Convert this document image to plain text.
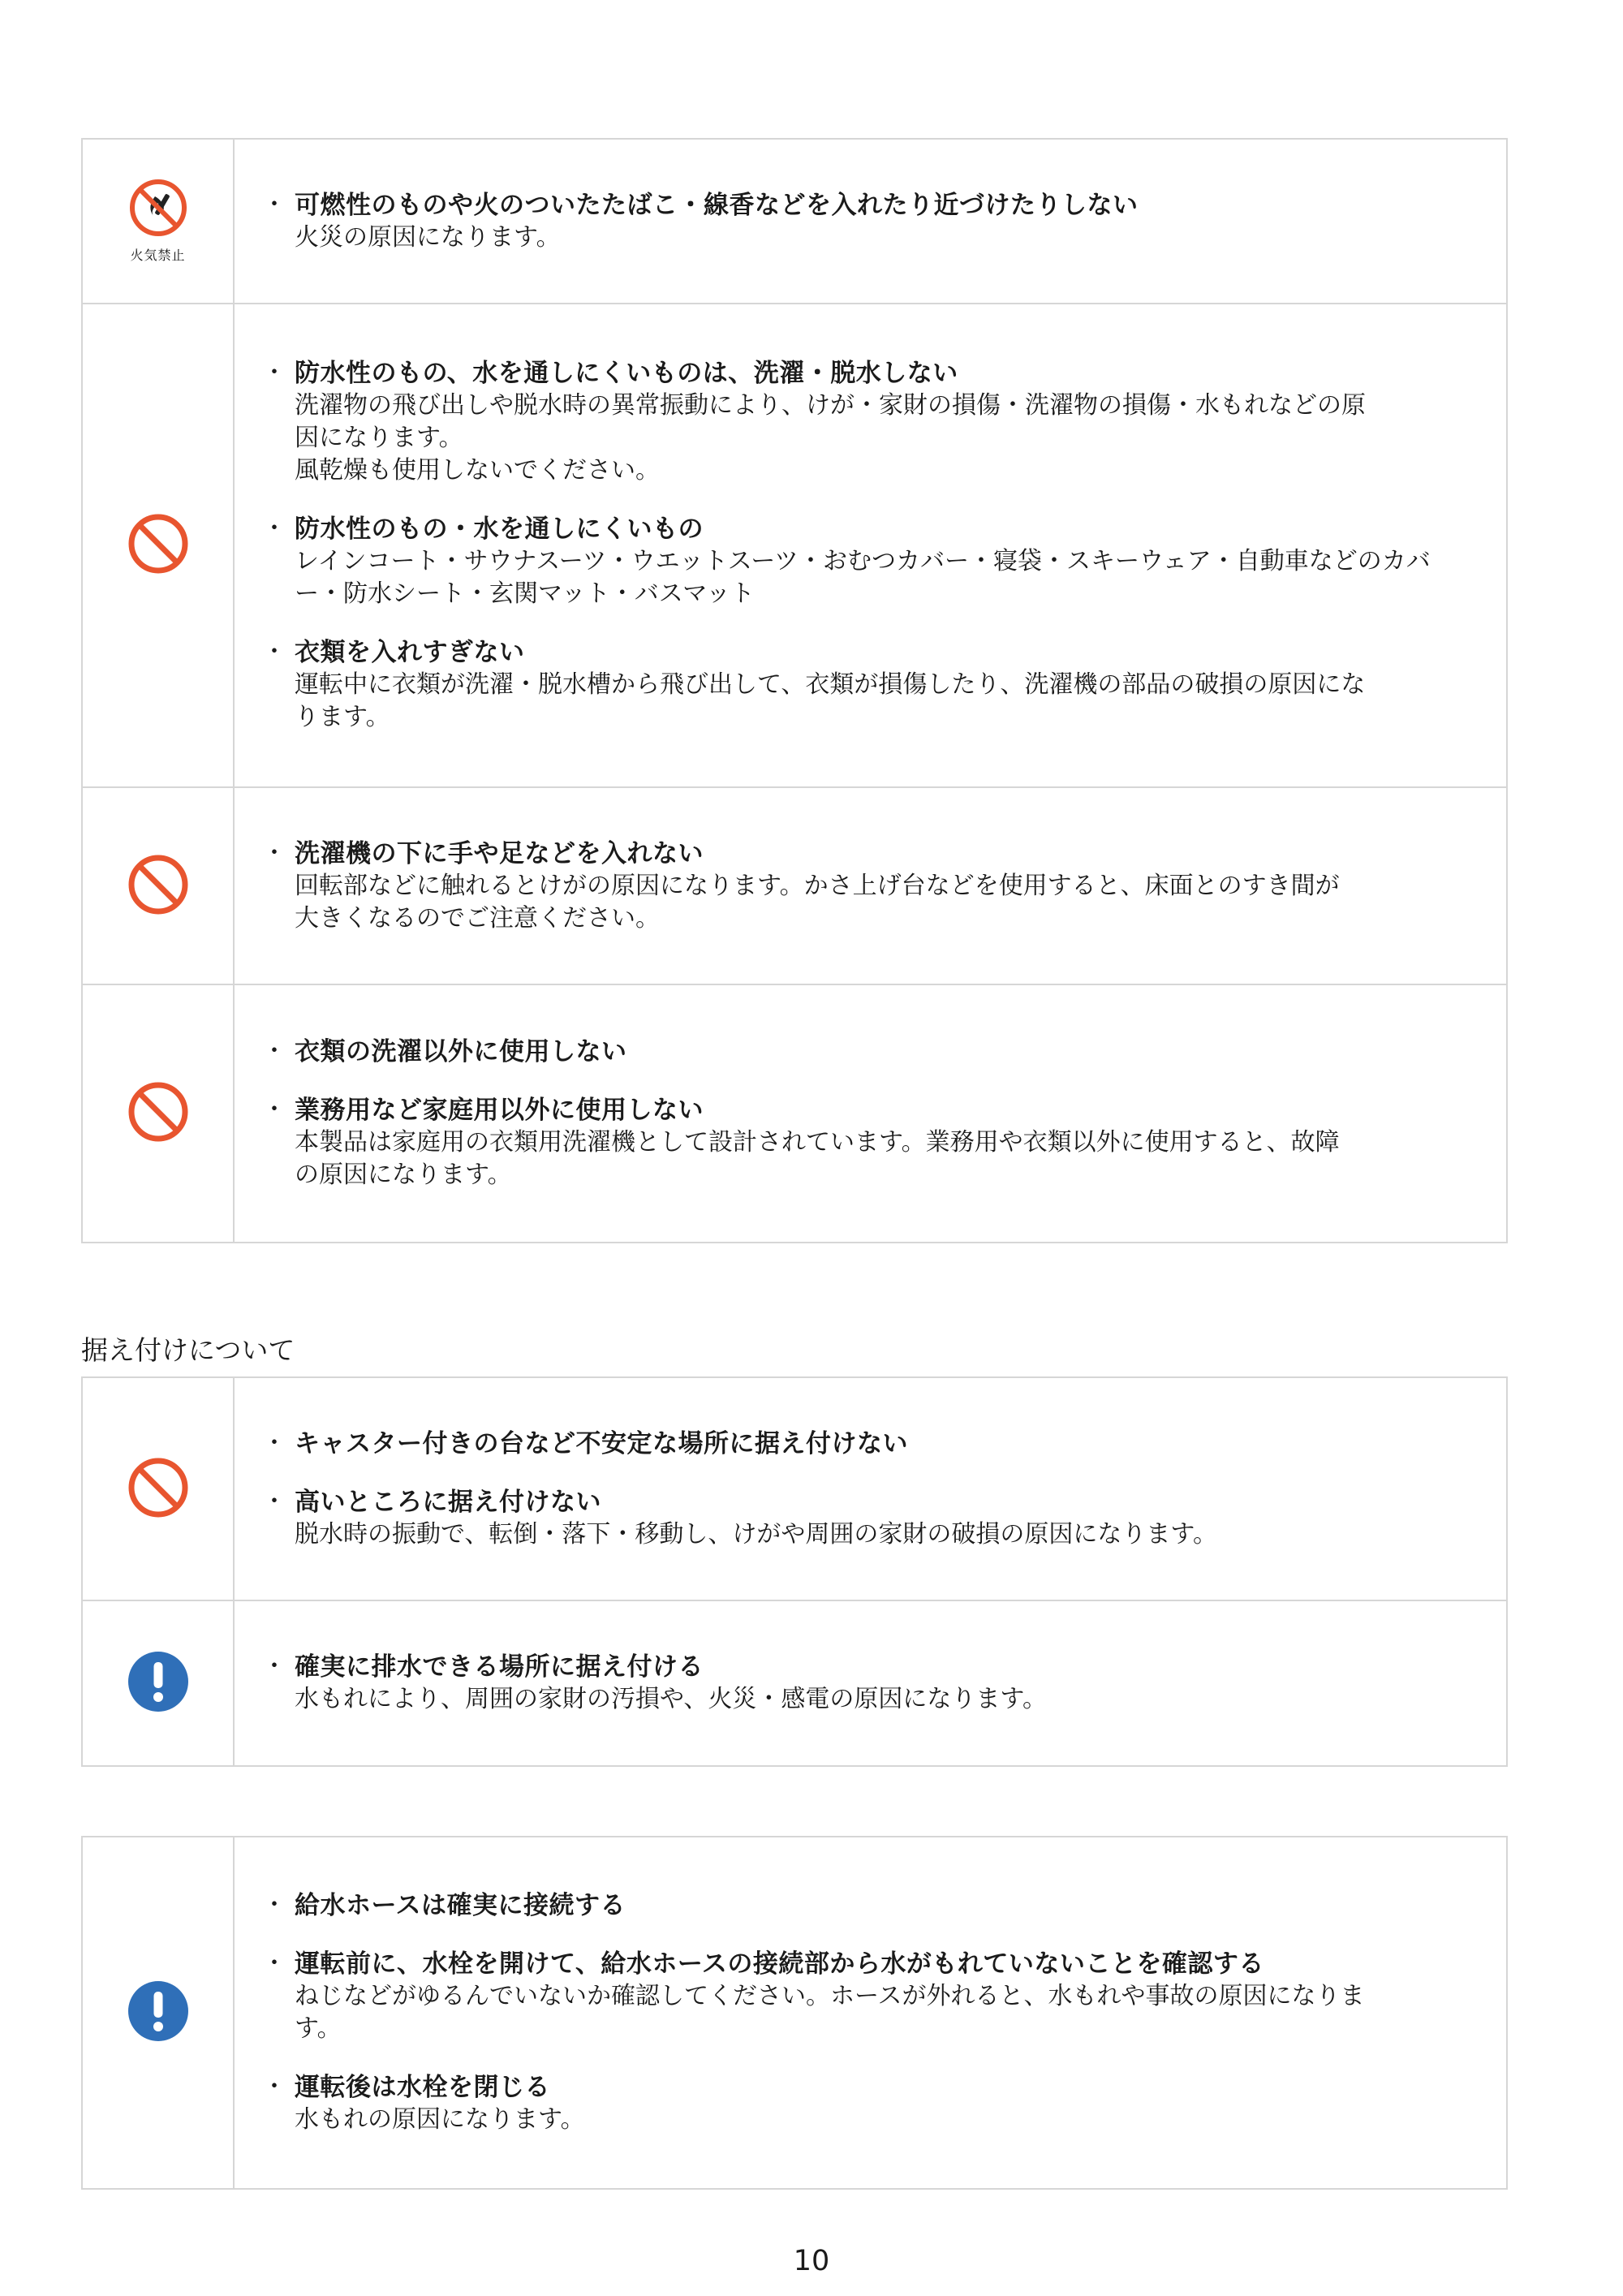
火気禁止
・ 可燃性のものや火のついたたばこ・線香などを入れたり近づけたりしない
火災の原因になります。
・ 防水性のもの、水を通しにくいものは、洗濯・脱水しない
洗濯物の飛び出しや脱水時の異常振動により、けが・家財の損傷・洗濯物の損傷・水もれなどの原
因になります。
風乾燥も使用しないでください。
・ 防水性のもの・水を通しにくいもの
レインコート・サウナスーツ・ウエットスーツ・おむつカバー・寝袋・スキーウェア・自動車などのカバ
ー・防水シート・玄関マット・バスマット
・ 衣類を入れすぎない
運転中に衣類が洗濯・脱水槽から飛び出して、衣類が損傷したり、洗濯機の部品の破損の原因にな
ります。
・ 洗濯機の下に手や足などを入れない
回転部などに触れるとけがの原因になります。かさ上げ台などを使用すると、床面とのすき間が
大きくなるのでご注意ください。
・ 衣類の洗濯以外に使用しない
・ 業務用など家庭用以外に使用しない
本製品は家庭用の衣類用洗濯機として設計されています。業務用や衣類以外に使用すると、故障
の原因になります。
据え付けについて
・ キャスター付きの台など不安定な場所に据え付けない
・ 高いところに据え付けない
脱水時の振動で、転倒・落下・移動し、けがや周囲の家財の破損の原因になります。
・ 確実に排水できる場所に据え付ける
水もれにより、周囲の家財の汚損や、火災・感電の原因になります。
・ 給水ホースは確実に接続する
・ 運転前に、水栓を開けて、給水ホースの接続部から水がもれていないことを確認する
ねじなどがゆるんでいないか確認してください。ホースが外れると、水もれや事故の原因になりま
す。
・ 運転後は水栓を閉じる
水もれの原因になります。
10
